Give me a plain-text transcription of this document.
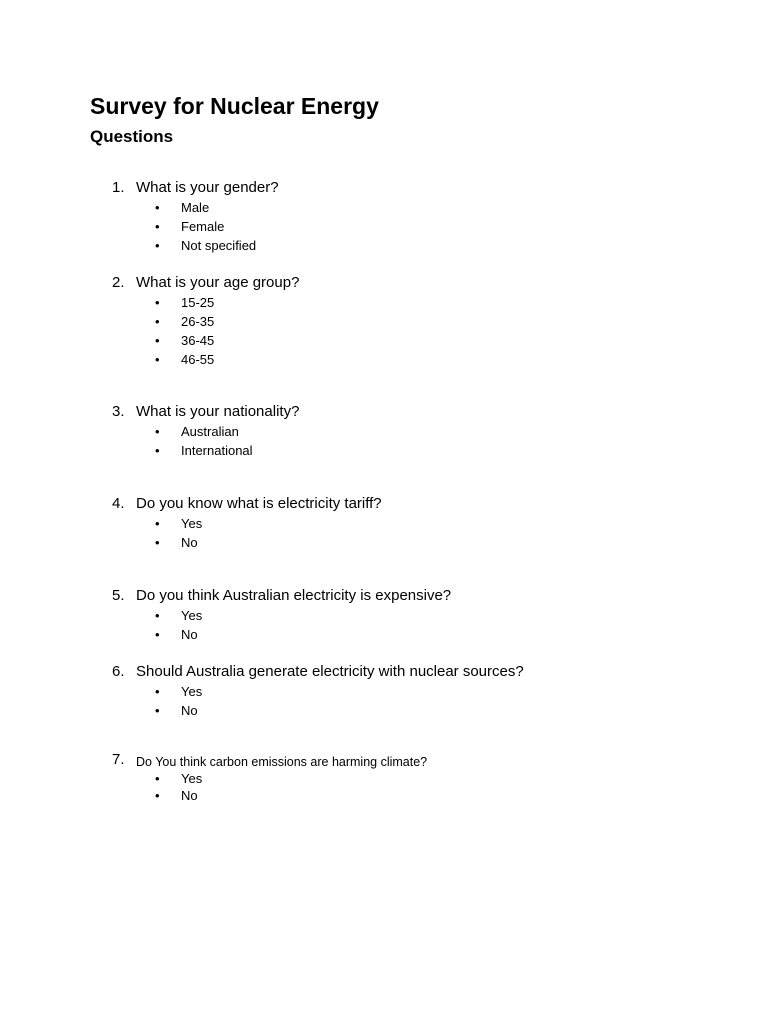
Survey for Nuclear Energy
Questions
1. What is your gender?
• Male
• Female
• Not specified
2. What is your age group?
• 15-25
• 26-35
• 36-45
• 46-55
3. What is your nationality?
• Australian
• International
4. Do you know what is electricity tariff?
• Yes
• No
5. Do you think Australian electricity is expensive?
• Yes
• No
6. Should Australia generate electricity with nuclear sources?
• Yes
• No
7. Do You think carbon emissions are harming climate?
• Yes
• No
